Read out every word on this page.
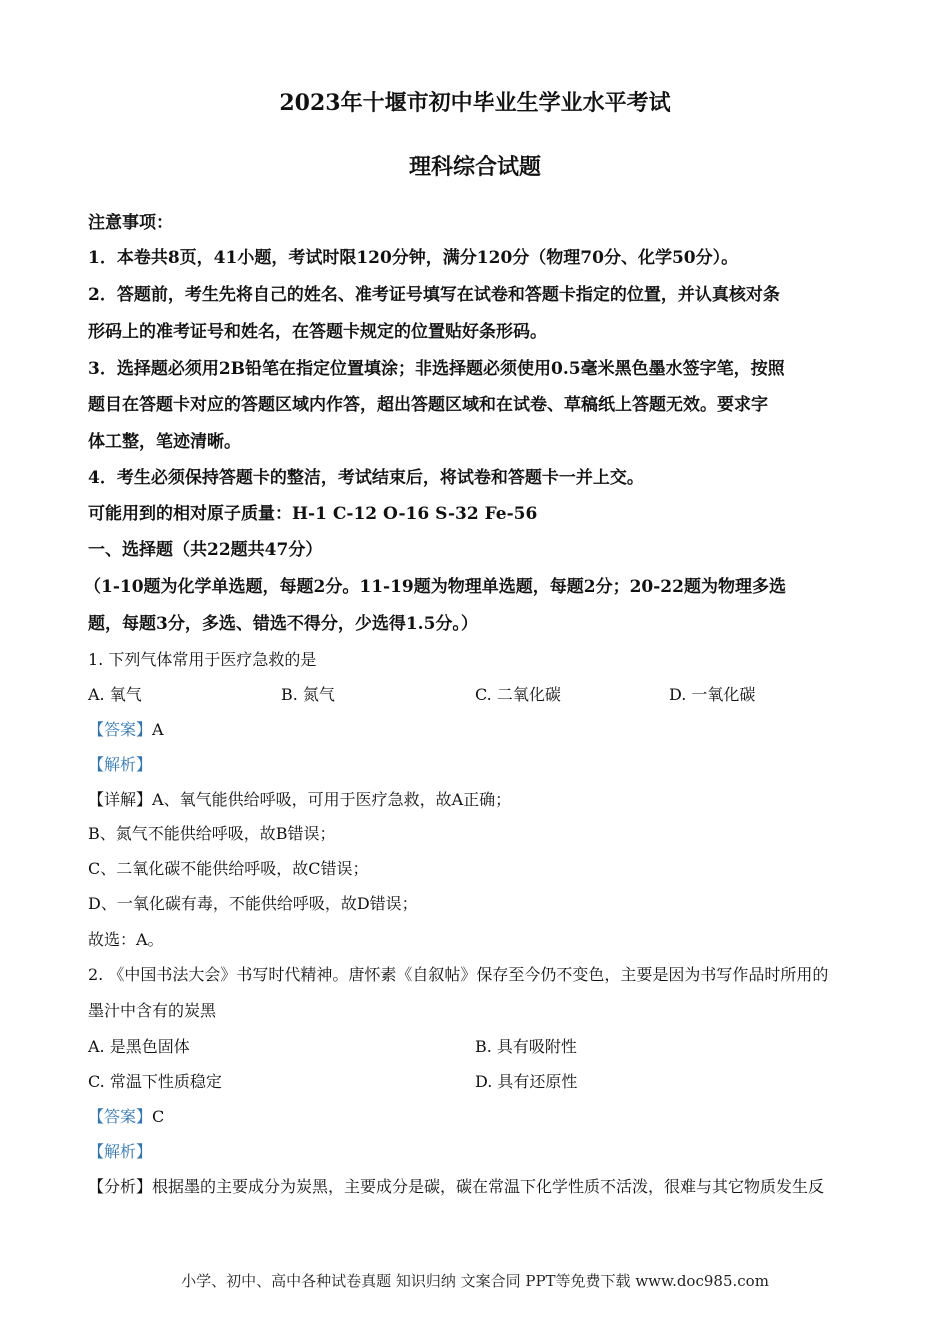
2023年十堰市初中毕业生学业水平考试
理科综合试题
注意事项：
1．本卷共8页，41小题，考试时限120分钟，满分120分（物理70分、化学50分）。
2．答题前，考生先将自己的姓名、准考证号填写在试卷和答题卡指定的位置，并认真核对条
形码上的准考证号和姓名，在答题卡规定的位置贴好条形码。
3．选择题必须用2B铅笔在指定位置填涂；非选择题必须使用0.5毫米黑色墨水签字笔，按照
题目在答题卡对应的答题区域内作答，超出答题区域和在试卷、草稿纸上答题无效。要求字
体工整，笔迹清晰。
4．考生必须保持答题卡的整洁，考试结束后，将试卷和答题卡一并上交。
可能用到的相对原子质量：H-1 C-12 O-16 S-32 Fe-56
一、选择题（共22题共47分）
（1-10题为化学单选题，每题2分。11-19题为物理单选题，每题2分；20-22题为物理多选
题，每题3分，多选、错选不得分，少选得1.5分。）
1. 下列气体常用于医疗急救的是
A. 氧气	B. 氮气	C. 二氧化碳	D. 一氧化碳
【答案】A
【解析】
【详解】A、氧气能供给呼吸，可用于医疗急救，故A正确；
B、氮气不能供给呼吸，故B错误；
C、二氧化碳不能供给呼吸，故C错误；
D、一氧化碳有毒，不能供给呼吸，故D错误；
故选：A。
2. 《中国书法大会》书写时代精神。唐怀素《自叙帖》保存至今仍不变色，主要是因为书写作品时所用的
墨汁中含有的炭黑
A. 是黑色固体	B. 具有吸附性
C. 常温下性质稳定	D. 具有还原性
【答案】C
【解析】
【分析】根据墨的主要成分为炭黑，主要成分是碳，碳在常温下化学性质不活泼，很难与其它物质发生反
小学、初中、高中各种试卷真题 知识归纳 文案合同 PPT等免费下载 www.doc985.com
